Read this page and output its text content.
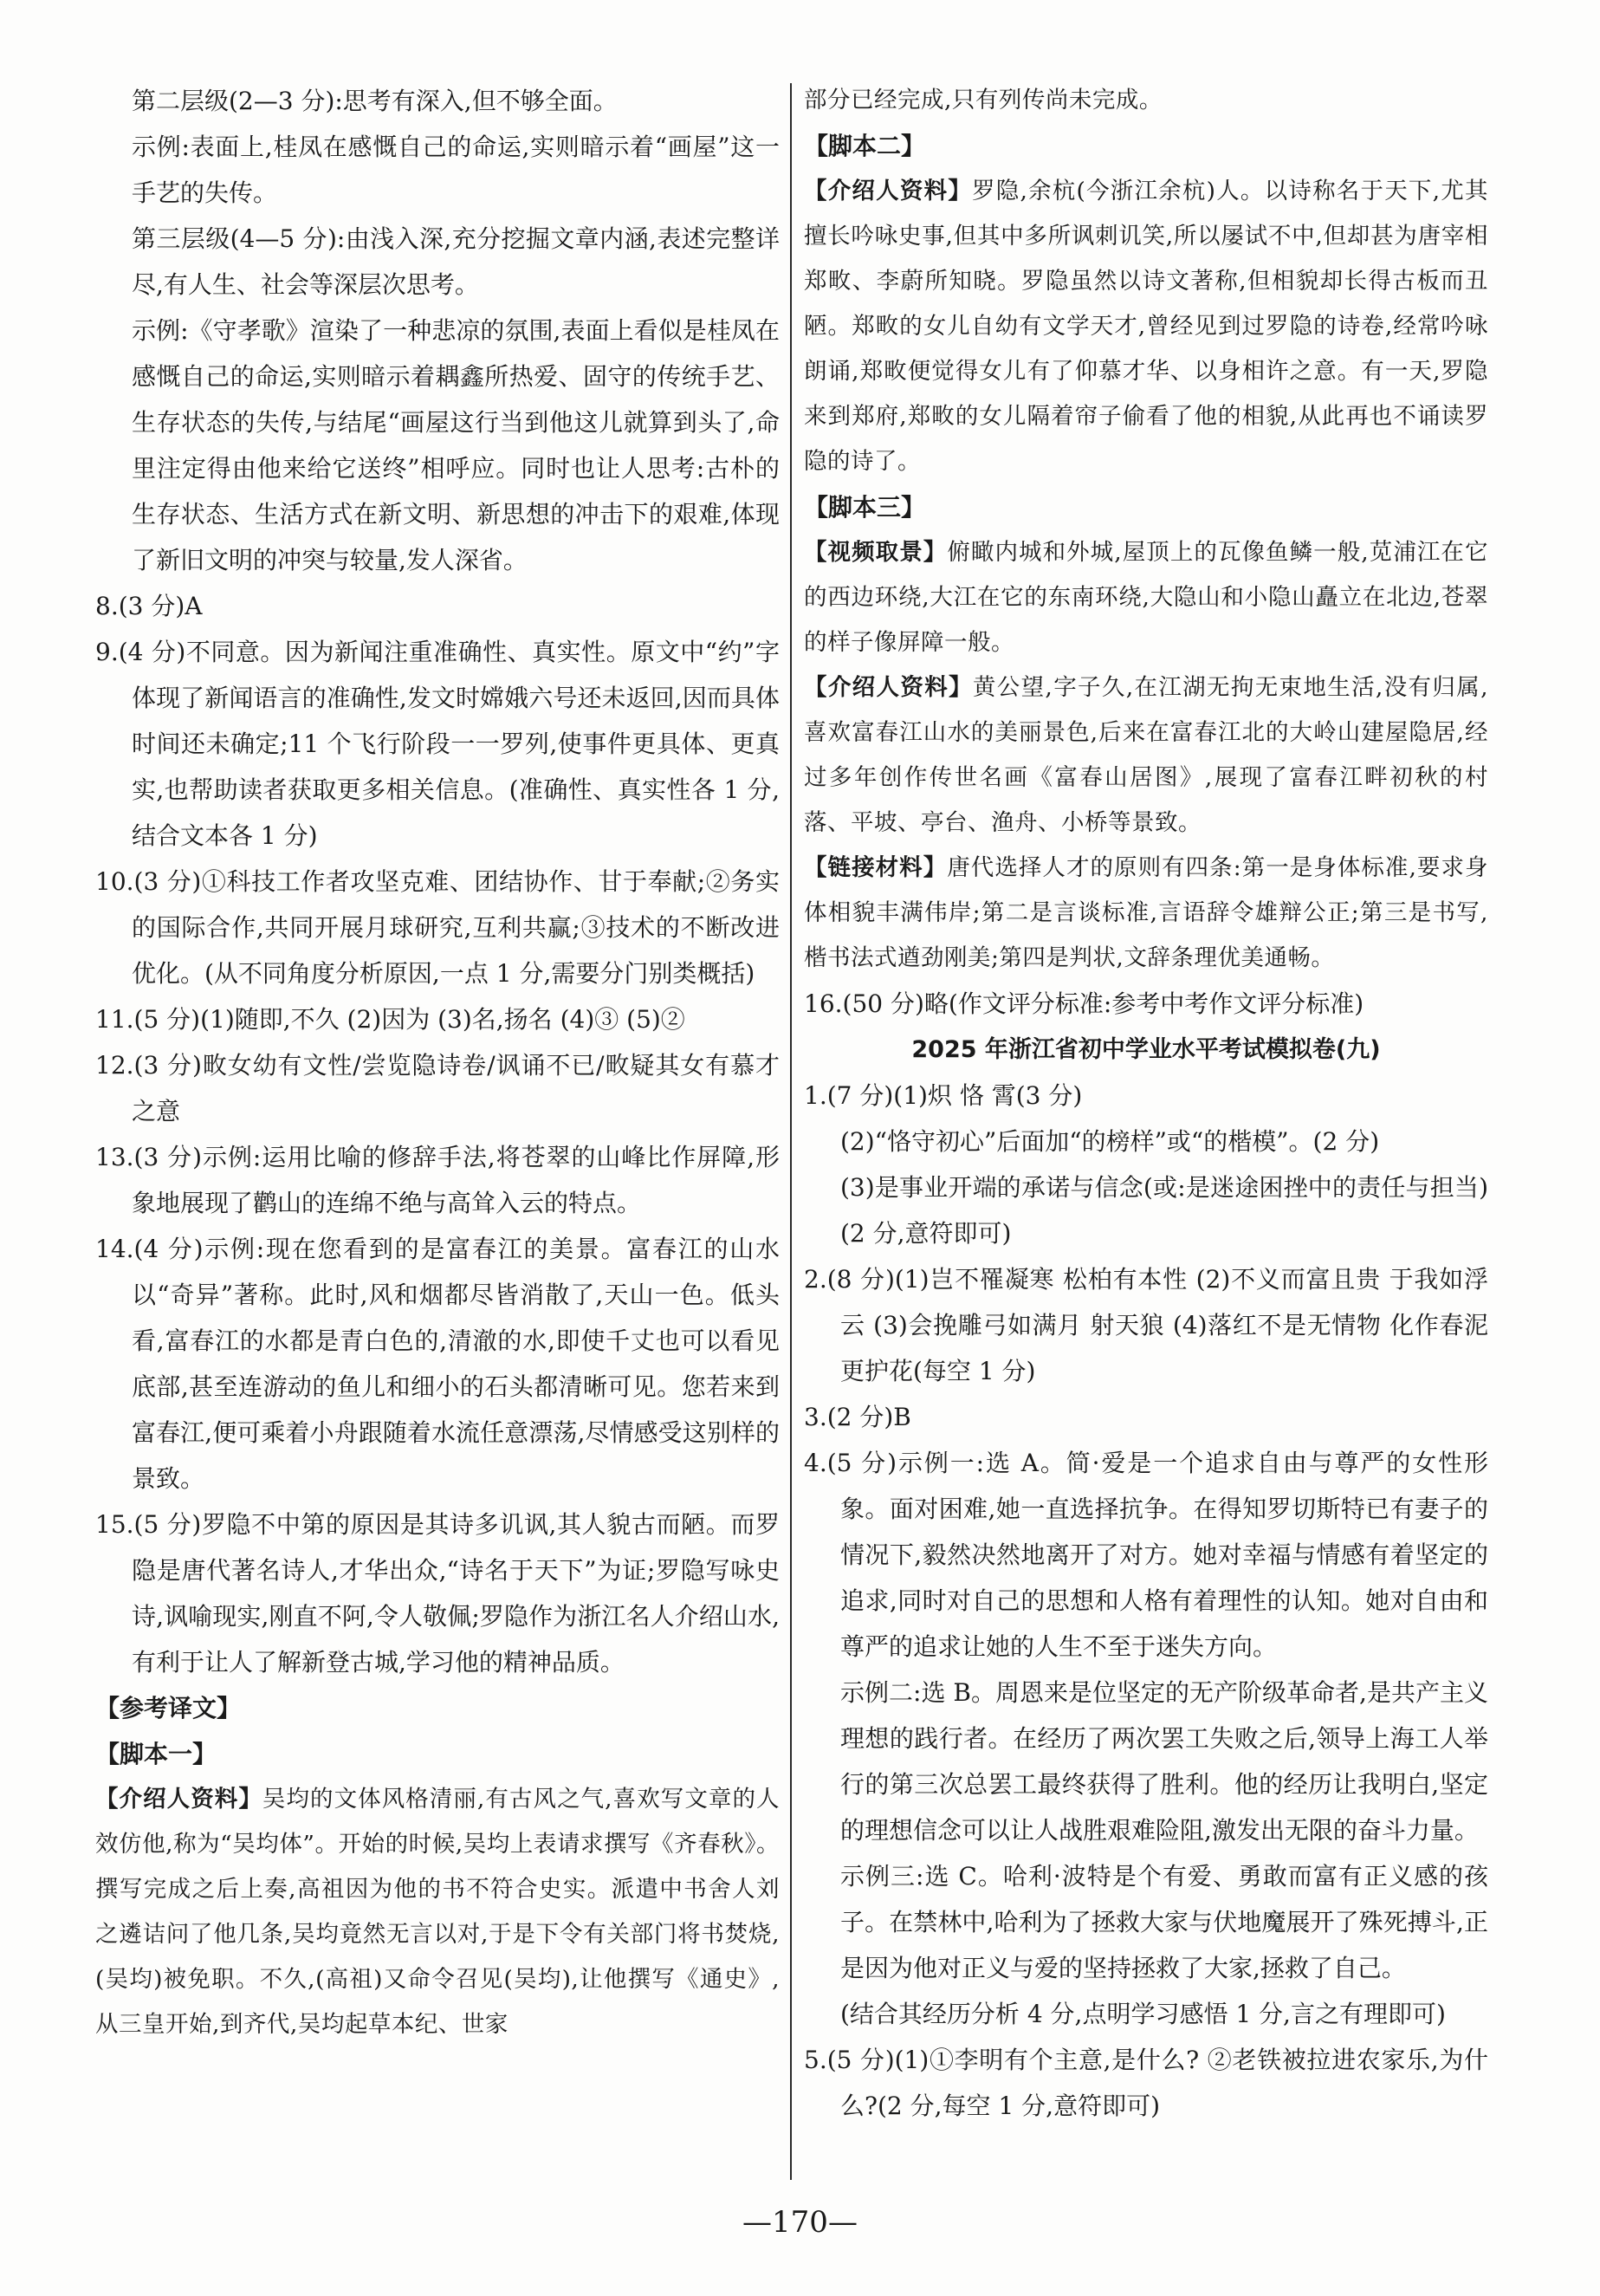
第二层级(2—3 分):思考有深入,但不够全面。

示例:表面上,桂凤在感慨自己的命运,实则暗示着“画屋”这一手艺的失传。

第三层级(4—5 分):由浅入深,充分挖掘文章内涵,表述完整详尽,有人生、社会等深层次思考。

示例:《守孝歌》渲染了一种悲凉的氛围,表面上看似是桂凤在感慨自己的命运,实则暗示着耦鑫所热爱、固守的传统手艺、生存状态的失传,与结尾“画屋这行当到他这儿就算到头了,命里注定得由他来给它送终”相呼应。同时也让人思考:古朴的生存状态、生活方式在新文明、新思想的冲击下的艰难,体现了新旧文明的冲突与较量,发人深省。

8.(3 分)A

9.(4 分)不同意。因为新闻注重准确性、真实性。原文中“约”字体现了新闻语言的准确性,发文时嫦娥六号还未返回,因而具体时间还未确定;11 个飞行阶段一一罗列,使事件更具体、更真实,也帮助读者获取更多相关信息。(准确性、真实性各 1 分,结合文本各 1 分)

10.(3 分)①科技工作者攻坚克难、团结协作、甘于奉献;②务实的国际合作,共同开展月球研究,互利共赢;③技术的不断改进优化。(从不同角度分析原因,一点 1 分,需要分门别类概括)

11.(5 分)(1)随即,不久 (2)因为 (3)名,扬名 (4)③ (5)②

12.(3 分)畋女幼有文性/尝览隐诗卷/讽诵不已/畋疑其女有慕才之意

13.(3 分)示例:运用比喻的修辞手法,将苍翠的山峰比作屏障,形象地展现了鹳山的连绵不绝与高耸入云的特点。

14.(4 分)示例:现在您看到的是富春江的美景。富春江的山水以“奇异”著称。此时,风和烟都尽皆消散了,天山一色。低头看,富春江的水都是青白色的,清澈的水,即使千丈也可以看见底部,甚至连游动的鱼儿和细小的石头都清晰可见。您若来到富春江,便可乘着小舟跟随着水流任意漂荡,尽情感受这别样的景致。

15.(5 分)罗隐不中第的原因是其诗多讥讽,其人貌古而陋。而罗隐是唐代著名诗人,才华出众,“诗名于天下”为证;罗隐写咏史诗,讽喻现实,刚直不阿,令人敬佩;罗隐作为浙江名人介绍山水,有利于让人了解新登古城,学习他的精神品质。

【参考译文】

【脚本一】

【介绍人资料】吴均的文体风格清丽,有古风之气,喜欢写文章的人效仿他,称为“吴均体”。开始的时候,吴均上表请求撰写《齐春秋》。撰写完成之后上奏,高祖因为他的书不符合史实。派遣中书舍人刘之遴诘问了他几条,吴均竟然无言以对,于是下令有关部门将书焚烧,(吴均)被免职。不久,(高祖)又命令召见(吴均),让他撰写《通史》,从三皇开始,到齐代,吴均起草本纪、世家

部分已经完成,只有列传尚未完成。

【脚本二】

【介绍人资料】罗隐,余杭(今浙江余杭)人。以诗称名于天下,尤其擅长吟咏史事,但其中多所讽刺讥笑,所以屡试不中,但却甚为唐宰相郑畋、李蔚所知晓。罗隐虽然以诗文著称,但相貌却长得古板而丑陋。郑畋的女儿自幼有文学天才,曾经见到过罗隐的诗卷,经常吟咏朗诵,郑畋便觉得女儿有了仰慕才华、以身相许之意。有一天,罗隐来到郑府,郑畋的女儿隔着帘子偷看了他的相貌,从此再也不诵读罗隐的诗了。

【脚本三】

【视频取景】俯瞰内城和外城,屋顶上的瓦像鱼鳞一般,苋浦江在它的西边环绕,大江在它的东南环绕,大隐山和小隐山矗立在北边,苍翠的样子像屏障一般。

【介绍人资料】黄公望,字子久,在江湖无拘无束地生活,没有归属,喜欢富春江山水的美丽景色,后来在富春江北的大岭山建屋隐居,经过多年创作传世名画《富春山居图》,展现了富春江畔初秋的村落、平坡、亭台、渔舟、小桥等景致。

【链接材料】唐代选择人才的原则有四条:第一是身体标准,要求身体相貌丰满伟岸;第二是言谈标准,言语辞令雄辩公正;第三是书写,楷书法式遒劲刚美;第四是判状,文辞条理优美通畅。

16.(50 分)略(作文评分标准:参考中考作文评分标准)

2025 年浙江省初中学业水平考试模拟卷(九)

1.(7 分)(1)炽 恪 霄(3 分)

(2)“恪守初心”后面加“的榜样”或“的楷模”。(2 分)

(3)是事业开端的承诺与信念(或:是迷途困挫中的责任与担当)(2 分,意符即可)

2.(8 分)(1)岂不罹凝寒 松柏有本性 (2)不义而富且贵 于我如浮云 (3)会挽雕弓如满月 射天狼 (4)落红不是无情物 化作春泥更护花(每空 1 分)

3.(2 分)B

4.(5 分)示例一:选 A。简·爱是一个追求自由与尊严的女性形象。面对困难,她一直选择抗争。在得知罗切斯特已有妻子的情况下,毅然决然地离开了对方。她对幸福与情感有着坚定的追求,同时对自己的思想和人格有着理性的认知。她对自由和尊严的追求让她的人生不至于迷失方向。

示例二:选 B。周恩来是位坚定的无产阶级革命者,是共产主义理想的践行者。在经历了两次罢工失败之后,领导上海工人举行的第三次总罢工最终获得了胜利。他的经历让我明白,坚定的理想信念可以让人战胜艰难险阻,激发出无限的奋斗力量。

示例三:选 C。哈利·波特是个有爱、勇敢而富有正义感的孩子。在禁林中,哈利为了拯救大家与伏地魔展开了殊死搏斗,正是因为他对正义与爱的坚持拯救了大家,拯救了自己。

(结合其经历分析 4 分,点明学习感悟 1 分,言之有理即可)

5.(5 分)(1)①李明有个主意,是什么? ②老铁被拉进农家乐,为什么?(2 分,每空 1 分,意符即可)

—170—
